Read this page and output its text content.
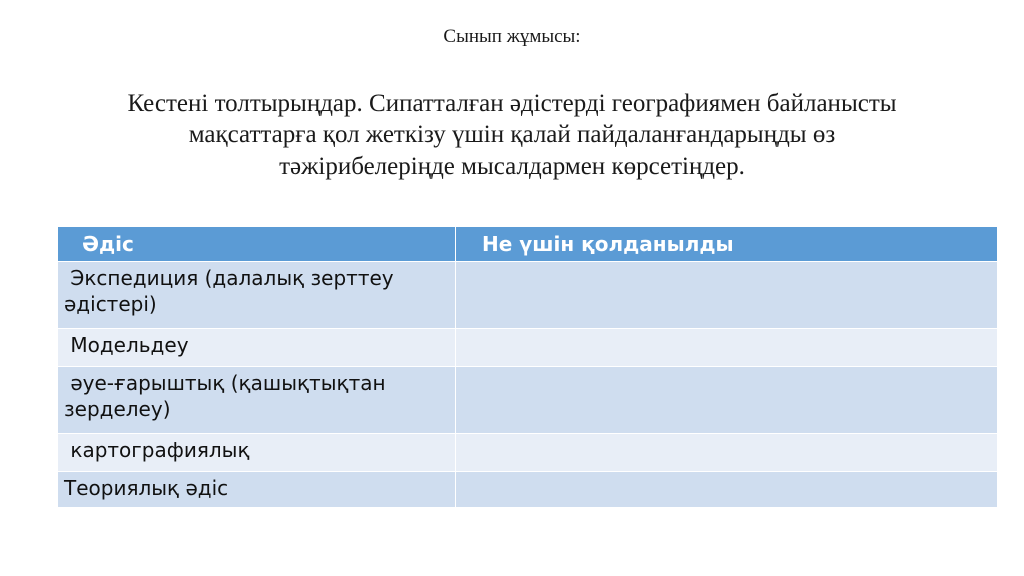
Сынып жұмысы:
Кестені толтырыңдар. Сипатталған әдістерді географиямен байланысты мақсаттарға қол жеткізу үшін қалай пайдаланғандарыңды өз тәжірибелеріңде мысалдармен көрсетіңдер.
Әдіс	Не үшін қолданылды
Экспедиция (далалық зерттеу әдістері)	
Модельдеу	
әуе-ғарыштық (қашықтықтан зерделеу)	
картографиялық	
Теориялық әдіс	
